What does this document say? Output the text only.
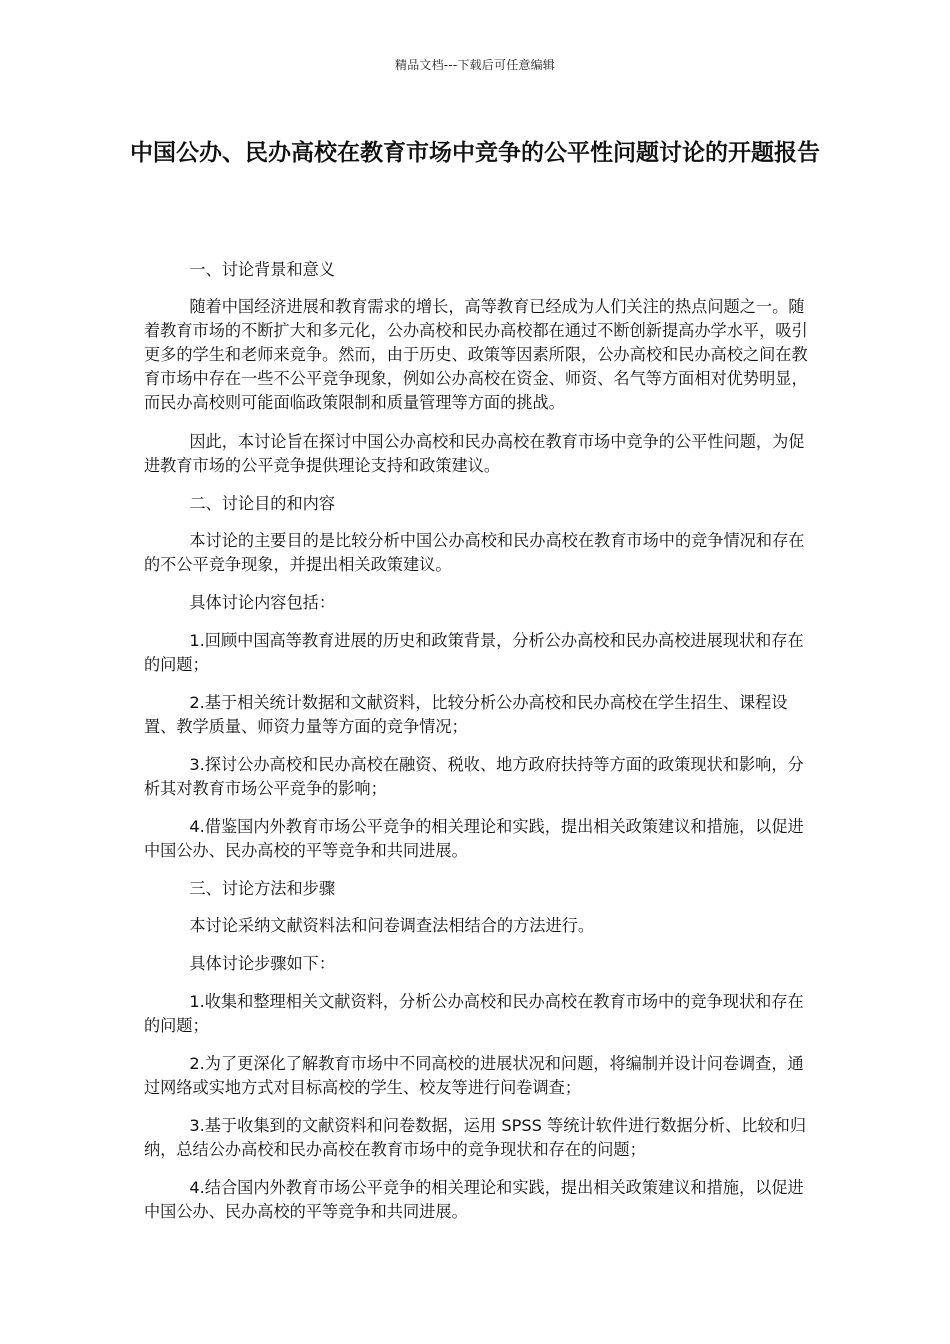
精品文档---下载后可任意编辑
中国公办、民办高校在教育市场中竞争的公平性问题讨论的开题报告

一、讨论背景和意义

随着中国经济进展和教育需求的增长，高等教育已经成为人们关注的热点问题之一。随着教育市场的不断扩大和多元化，公办高校和民办高校都在通过不断创新提高办学水平，吸引更多的学生和老师来竞争。然而，由于历史、政策等因素所限，公办高校和民办高校之间在教育市场中存在一些不公平竞争现象，例如公办高校在资金、师资、名气等方面相对优势明显，而民办高校则可能面临政策限制和质量管理等方面的挑战。

因此，本讨论旨在探讨中国公办高校和民办高校在教育市场中竞争的公平性问题，为促进教育市场的公平竞争提供理论支持和政策建议。

二、讨论目的和内容

本讨论的主要目的是比较分析中国公办高校和民办高校在教育市场中的竞争情况和存在的不公平竞争现象，并提出相关政策建议。

具体讨论内容包括：

1.回顾中国高等教育进展的历史和政策背景，分析公办高校和民办高校进展现状和存在的问题；

2.基于相关统计数据和文献资料，比较分析公办高校和民办高校在学生招生、课程设置、教学质量、师资力量等方面的竞争情况；

3.探讨公办高校和民办高校在融资、税收、地方政府扶持等方面的政策现状和影响，分析其对教育市场公平竞争的影响；

4.借鉴国内外教育市场公平竞争的相关理论和实践，提出相关政策建议和措施，以促进中国公办、民办高校的平等竞争和共同进展。

三、讨论方法和步骤

本讨论采纳文献资料法和问卷调查法相结合的方法进行。

具体讨论步骤如下：

1.收集和整理相关文献资料，分析公办高校和民办高校在教育市场中的竞争现状和存在的问题；

2.为了更深化了解教育市场中不同高校的进展状况和问题，将编制并设计问卷调查，通过网络或实地方式对目标高校的学生、校友等进行问卷调查；

3.基于收集到的文献资料和问卷数据，运用 SPSS 等统计软件进行数据分析、比较和归纳，总结公办高校和民办高校在教育市场中的竞争现状和存在的问题；

4.结合国内外教育市场公平竞争的相关理论和实践，提出相关政策建议和措施，以促进中国公办、民办高校的平等竞争和共同进展。
